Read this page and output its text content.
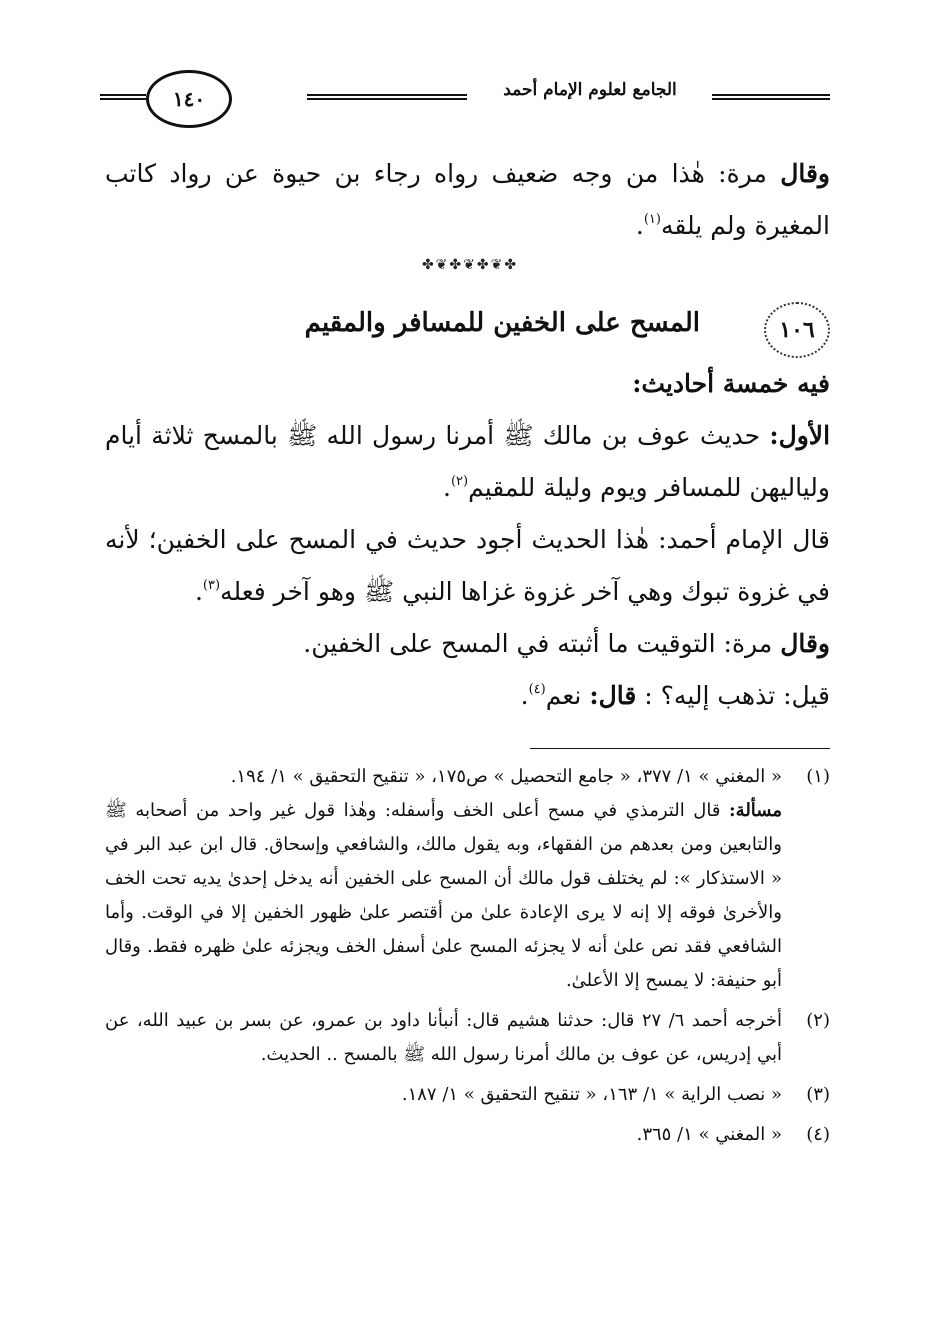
١٤٠	الجامع لعلوم الإمام أحمد

وقال مرة: هٰذا من وجه ضعيف رواه رجاء بن حيوة عن رواد كاتب المغيرة ولم يلقه$^{(١)}$.

✤❦✤❦✤❦✤
١٠٦
المسح على الخفين للمسافر والمقيم

فيه خمسة أحاديث:

الأول: حديث عوف بن مالك ﷺ أمرنا رسول الله ﷺ بالمسح ثلاثة أيام ولياليهن للمسافر ويوم وليلة للمقيم$^{(٢)}$.

قال الإمام أحمد: هٰذا الحديث أجود حديث في المسح على الخفين؛ لأنه في غزوة تبوك وهي آخر غزوة غزاها النبي ﷺ وهو آخر فعله$^{(٣)}$.

وقال مرة: التوقيت ما أثبته في المسح على الخفين.

قيل: تذهب إليه؟ : قال: نعم$^{(٤)}$.

(١)
« المغني » ١/ ٣٧٧، « جامع التحصيل » ص١٧٥، « تنقيح التحقيق » ١/ ١٩٤.
مسألة: قال الترمذي في مسح أعلى الخف وأسفله: وهٰذا قول غير واحد من أصحابه ﷺ والتابعين ومن بعدهم من الفقهاء، وبه يقول مالك، والشافعي وإسحاق. قال ابن عبد البر في « الاستذكار »: لم يختلف قول مالك أن المسح على الخفين أنه يدخل إحدىٰ يديه تحت الخف والأخرىٰ فوقه إلا إنه لا يرى الإعادة علىٰ من أقتصر علىٰ ظهور الخفين إلا في الوقت. وأما الشافعي فقد نص علىٰ أنه لا يجزئه المسح علىٰ أسفل الخف ويجزئه علىٰ ظهره فقط. وقال أبو حنيفة: لا يمسح إلا الأعلىٰ.
(٢)
أخرجه أحمد ٦/ ٢٧ قال: حدثنا هشيم قال: أنبأنا داود بن عمرو، عن بسر بن عبيد الله، عن أبي إدريس، عن عوف بن مالك أمرنا رسول الله ﷺ بالمسح .. الحديث.
(٣)
« نصب الراية » ١/ ١٦٣، « تنقيح التحقيق » ١/ ١٨٧.
(٤)
« المغني » ١/ ٣٦٥.
